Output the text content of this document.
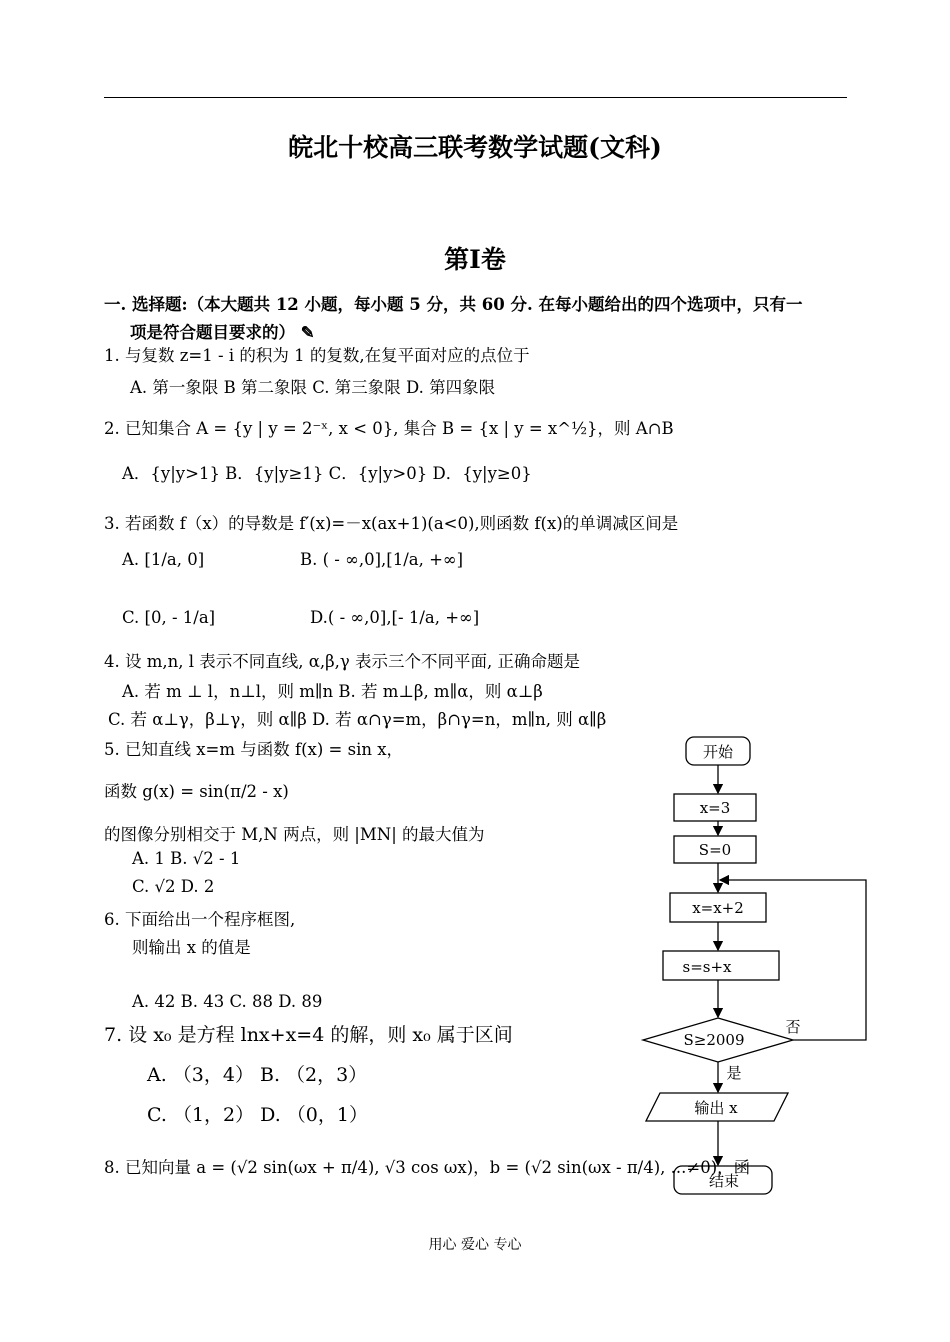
皖北十校高三联考数学试题(文科)
第I卷
一. 选择题:（本大题共 12 小题，每小题 5 分，共 60 分. 在每小题给出的四个选项中，只有一
项是符合题目要求的） ✎
1. 与复数 z=1 - i 的积为 1 的复数,在复平面对应的点位于
A. 第一象限 B 第二象限 C. 第三象限 D. 第四象限
2. 已知集合 A = {y | y = 2⁻ˣ, x < 0}, 集合 B = {x | y = x^½}，则 A∩B
A．{y|y>1} B．{y|y≥1} C．{y|y>0} D．{y|y≥0}
3. 若函数 f（x）的导数是 f′(x)=－x(ax+1)(a<0),则函数 f(x)的单调减区间是
A. [1/a, 0]	B. ( - ∞,0],[1/a, +∞]
C. [0, - 1/a]	D.( - ∞,0],[- 1/a, +∞]
4. 设 m,n, l 表示不同直线, α,β,γ 表示三个不同平面, 正确命题是
A. 若 m ⊥ l，n⊥l，则 m∥n B. 若 m⊥β, m∥α，则 α⊥β
C. 若 α⊥γ，β⊥γ，则 α∥β D. 若 α∩γ=m，β∩γ=n，m∥n, 则 α∥β
5. 已知直线 x=m 与函数 f(x) = sin x，
函数 g(x) = sin(π/2 - x)
的图像分别相交于 M,N 两点，则 |MN| 的最大值为
A. 1 B. √2 - 1
C. √2 D. 2
6. 下面给出一个程序框图,
则输出 x 的值是
A. 42 B. 43 C. 88 D. 89
7. 设 x₀ 是方程 lnx+x=4 的解，则 x₀ 属于区间
A. （3，4） B. （2，3）
C. （1，2） D. （0，1）
8. 已知向量 a = (√2 sin(ωx + π/4), √3 cos ωx)，b = (√2 sin(ωx - π/4), ...≠0)，函
开始
x=3
S=0
x=x+2
s=s+x
S≥2009
否
是
输出 x
结束
用心 爱心 专心
